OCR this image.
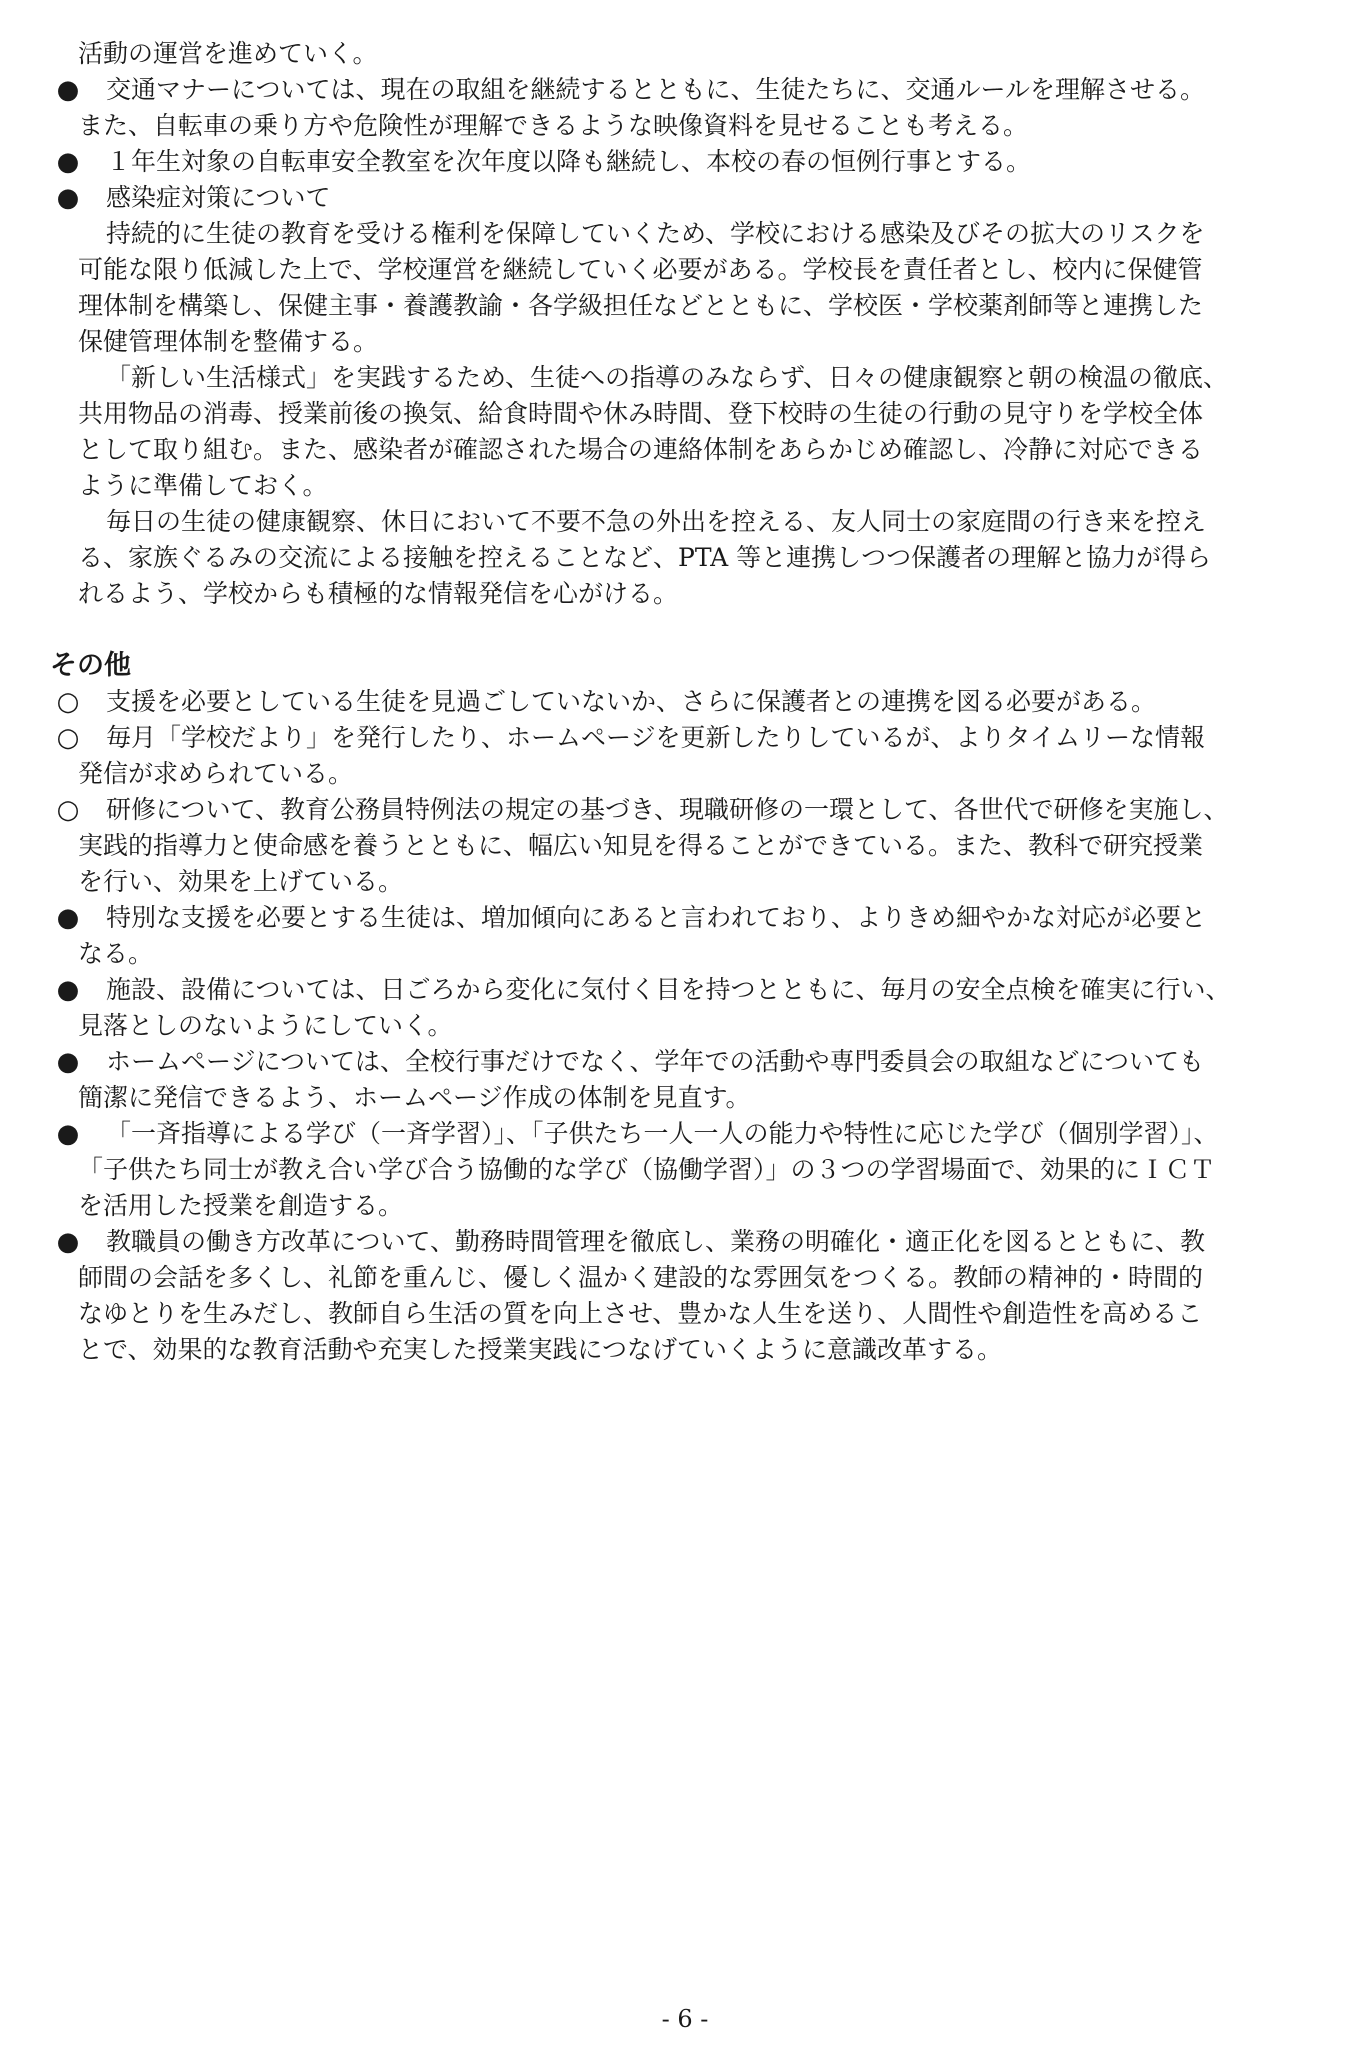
活動の運営を進めていく。
●	交通マナーについては、現在の取組を継続するとともに、生徒たちに、交通ルールを理解させる。
また、自転車の乗り方や危険性が理解できるような映像資料を見せることも考える。
●	１年生対象の自転車安全教室を次年度以降も継続し、本校の春の恒例行事とする。
●	感染症対策について
持続的に生徒の教育を受ける権利を保障していくため、学校における感染及びその拡大のリスクを
可能な限り低減した上で、学校運営を継続していく必要がある。学校長を責任者とし、校内に保健管
理体制を構築し、保健主事・養護教諭・各学級担任などとともに、学校医・学校薬剤師等と連携した
保健管理体制を整備する。
「新しい生活様式」を実践するため、生徒への指導のみならず、日々の健康観察と朝の検温の徹底、
共用物品の消毒、授業前後の換気、給食時間や休み時間、登下校時の生徒の行動の見守りを学校全体
として取り組む。また、感染者が確認された場合の連絡体制をあらかじめ確認し、冷静に対応できる
ように準備しておく。
毎日の生徒の健康観察、休日において不要不急の外出を控える、友人同士の家庭間の行き来を控え
る、家族ぐるみの交流による接触を控えることなど、PTA 等と連携しつつ保護者の理解と協力が得ら
れるよう、学校からも積極的な情報発信を心がける。
その他
○	支援を必要としている生徒を見過ごしていないか、さらに保護者との連携を図る必要がある。
○	毎月「学校だより」を発行したり、ホームページを更新したりしているが、よりタイムリーな情報
発信が求められている。
○	研修について、教育公務員特例法の規定の基づき、現職研修の一環として、各世代で研修を実施し、
実践的指導力と使命感を養うとともに、幅広い知見を得ることができている。また、教科で研究授業
を行い、効果を上げている。
●	特別な支援を必要とする生徒は、増加傾向にあると言われており、よりきめ細やかな対応が必要と
なる。
●	施設、設備については、日ごろから変化に気付く目を持つとともに、毎月の安全点検を確実に行い、
見落としのないようにしていく。
●	ホームページについては、全校行事だけでなく、学年での活動や専門委員会の取組などについても
簡潔に発信できるよう、ホームページ作成の体制を見直す。
●	「一斉指導による学び（一斉学習）」、「子供たち一人一人の能力や特性に応じた学び（個別学習）」、
「子供たち同士が教え合い学び合う協働的な学び（協働学習）」の３つの学習場面で、効果的にＩＣＴ
を活用した授業を創造する。
●	教職員の働き方改革について、勤務時間管理を徹底し、業務の明確化・適正化を図るとともに、教
師間の会話を多くし、礼節を重んじ、優しく温かく建設的な雰囲気をつくる。教師の精神的・時間的
なゆとりを生みだし、教師自ら生活の質を向上させ、豊かな人生を送り、人間性や創造性を高めるこ
とで、効果的な教育活動や充実した授業実践につなげていくように意識改革する。
- 6 -
